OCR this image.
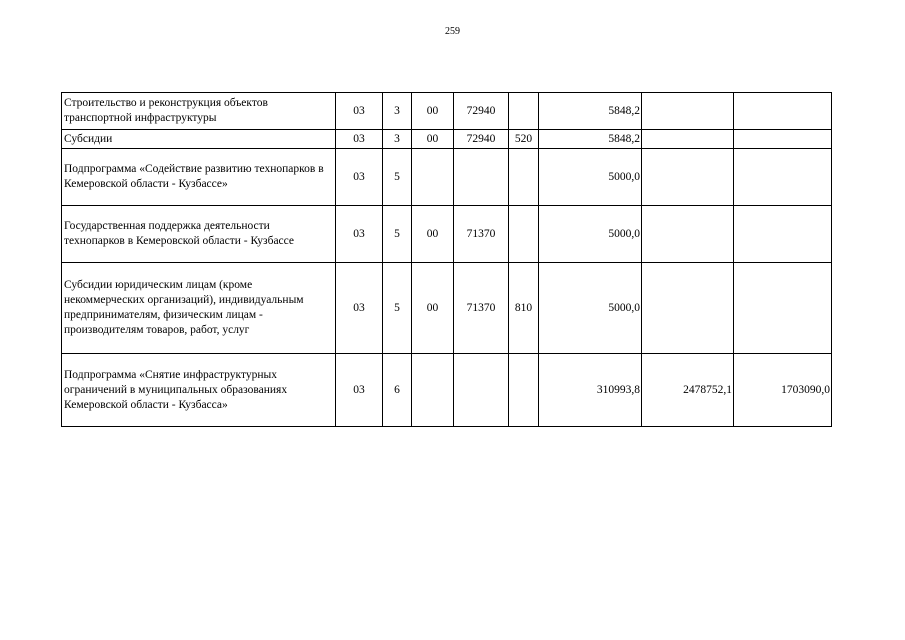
259
Строительство и реконструкция объектов транспортной инфраструктуры	03	3	00	72940		5848,2		
Субсидии	03	3	00	72940	520	5848,2		
Подпрограмма «Содействие развитию технопарков в Кемеровской области - Кузбассе»	03	5				5000,0		
Государственная поддержка деятельности технопарков в Кемеровской области - Кузбассе	03	5	00	71370		5000,0		
Субсидии юридическим лицам (кроме некоммерческих организаций), индивидуальным предпринимателям, физическим лицам - производителям товаров, работ, услуг	03	5	00	71370	810	5000,0		
Подпрограмма «Снятие инфраструктурных ограничений в муниципальных образованиях Кемеровской области - Кузбасса»	03	6				310993,8	2478752,1	1703090,0
